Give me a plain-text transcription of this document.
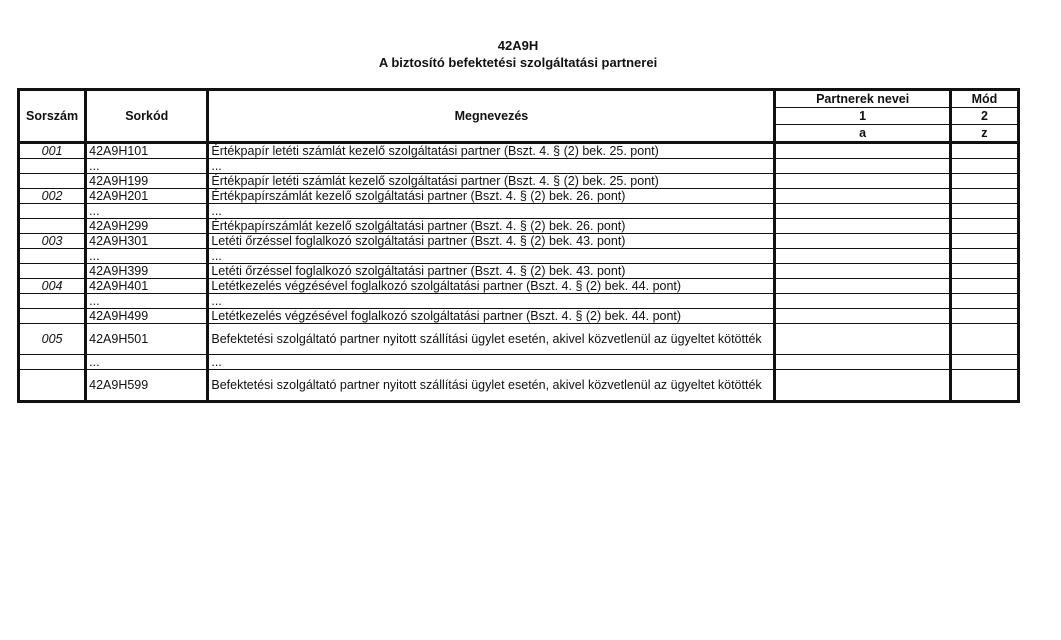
42A9H
A biztosító befektetési szolgáltatási partnerei
Sorszám	Sorkód	Megnevezés	Partnerek nevei	Mód
			1	2
			a	z
001	42A9H101	Értékpapír letéti számlát kezelő szolgáltatási partner (Bszt. 4. § (2) bek. 25. pont)		
	...	...		
	42A9H199	Értékpapír letéti számlát kezelő szolgáltatási partner (Bszt. 4. § (2) bek. 25. pont)		
002	42A9H201	Értékpapírszámlát kezelő szolgáltatási partner (Bszt. 4. § (2) bek. 26. pont)		
	...	...		
	42A9H299	Értékpapírszámlát kezelő szolgáltatási partner (Bszt. 4. § (2) bek. 26. pont)		
003	42A9H301	Letéti őrzéssel foglalkozó szolgáltatási partner (Bszt. 4. § (2) bek. 43. pont)		
	...	...		
	42A9H399	Letéti őrzéssel foglalkozó szolgáltatási partner (Bszt. 4. § (2) bek. 43. pont)		
004	42A9H401	Letétkezelés végzésével foglalkozó szolgáltatási partner (Bszt. 4. § (2) bek. 44. pont)		
	...	...		
	42A9H499	Letétkezelés végzésével foglalkozó szolgáltatási partner (Bszt. 4. § (2) bek. 44. pont)		
005	42A9H501	Befektetési szolgáltató partner nyitott szállítási ügylet esetén, akivel közvetlenül az ügyeltet kötötték		
	...	...		
	42A9H599	Befektetési szolgáltató partner nyitott szállítási ügylet esetén, akivel közvetlenül az ügyeltet kötötték		
